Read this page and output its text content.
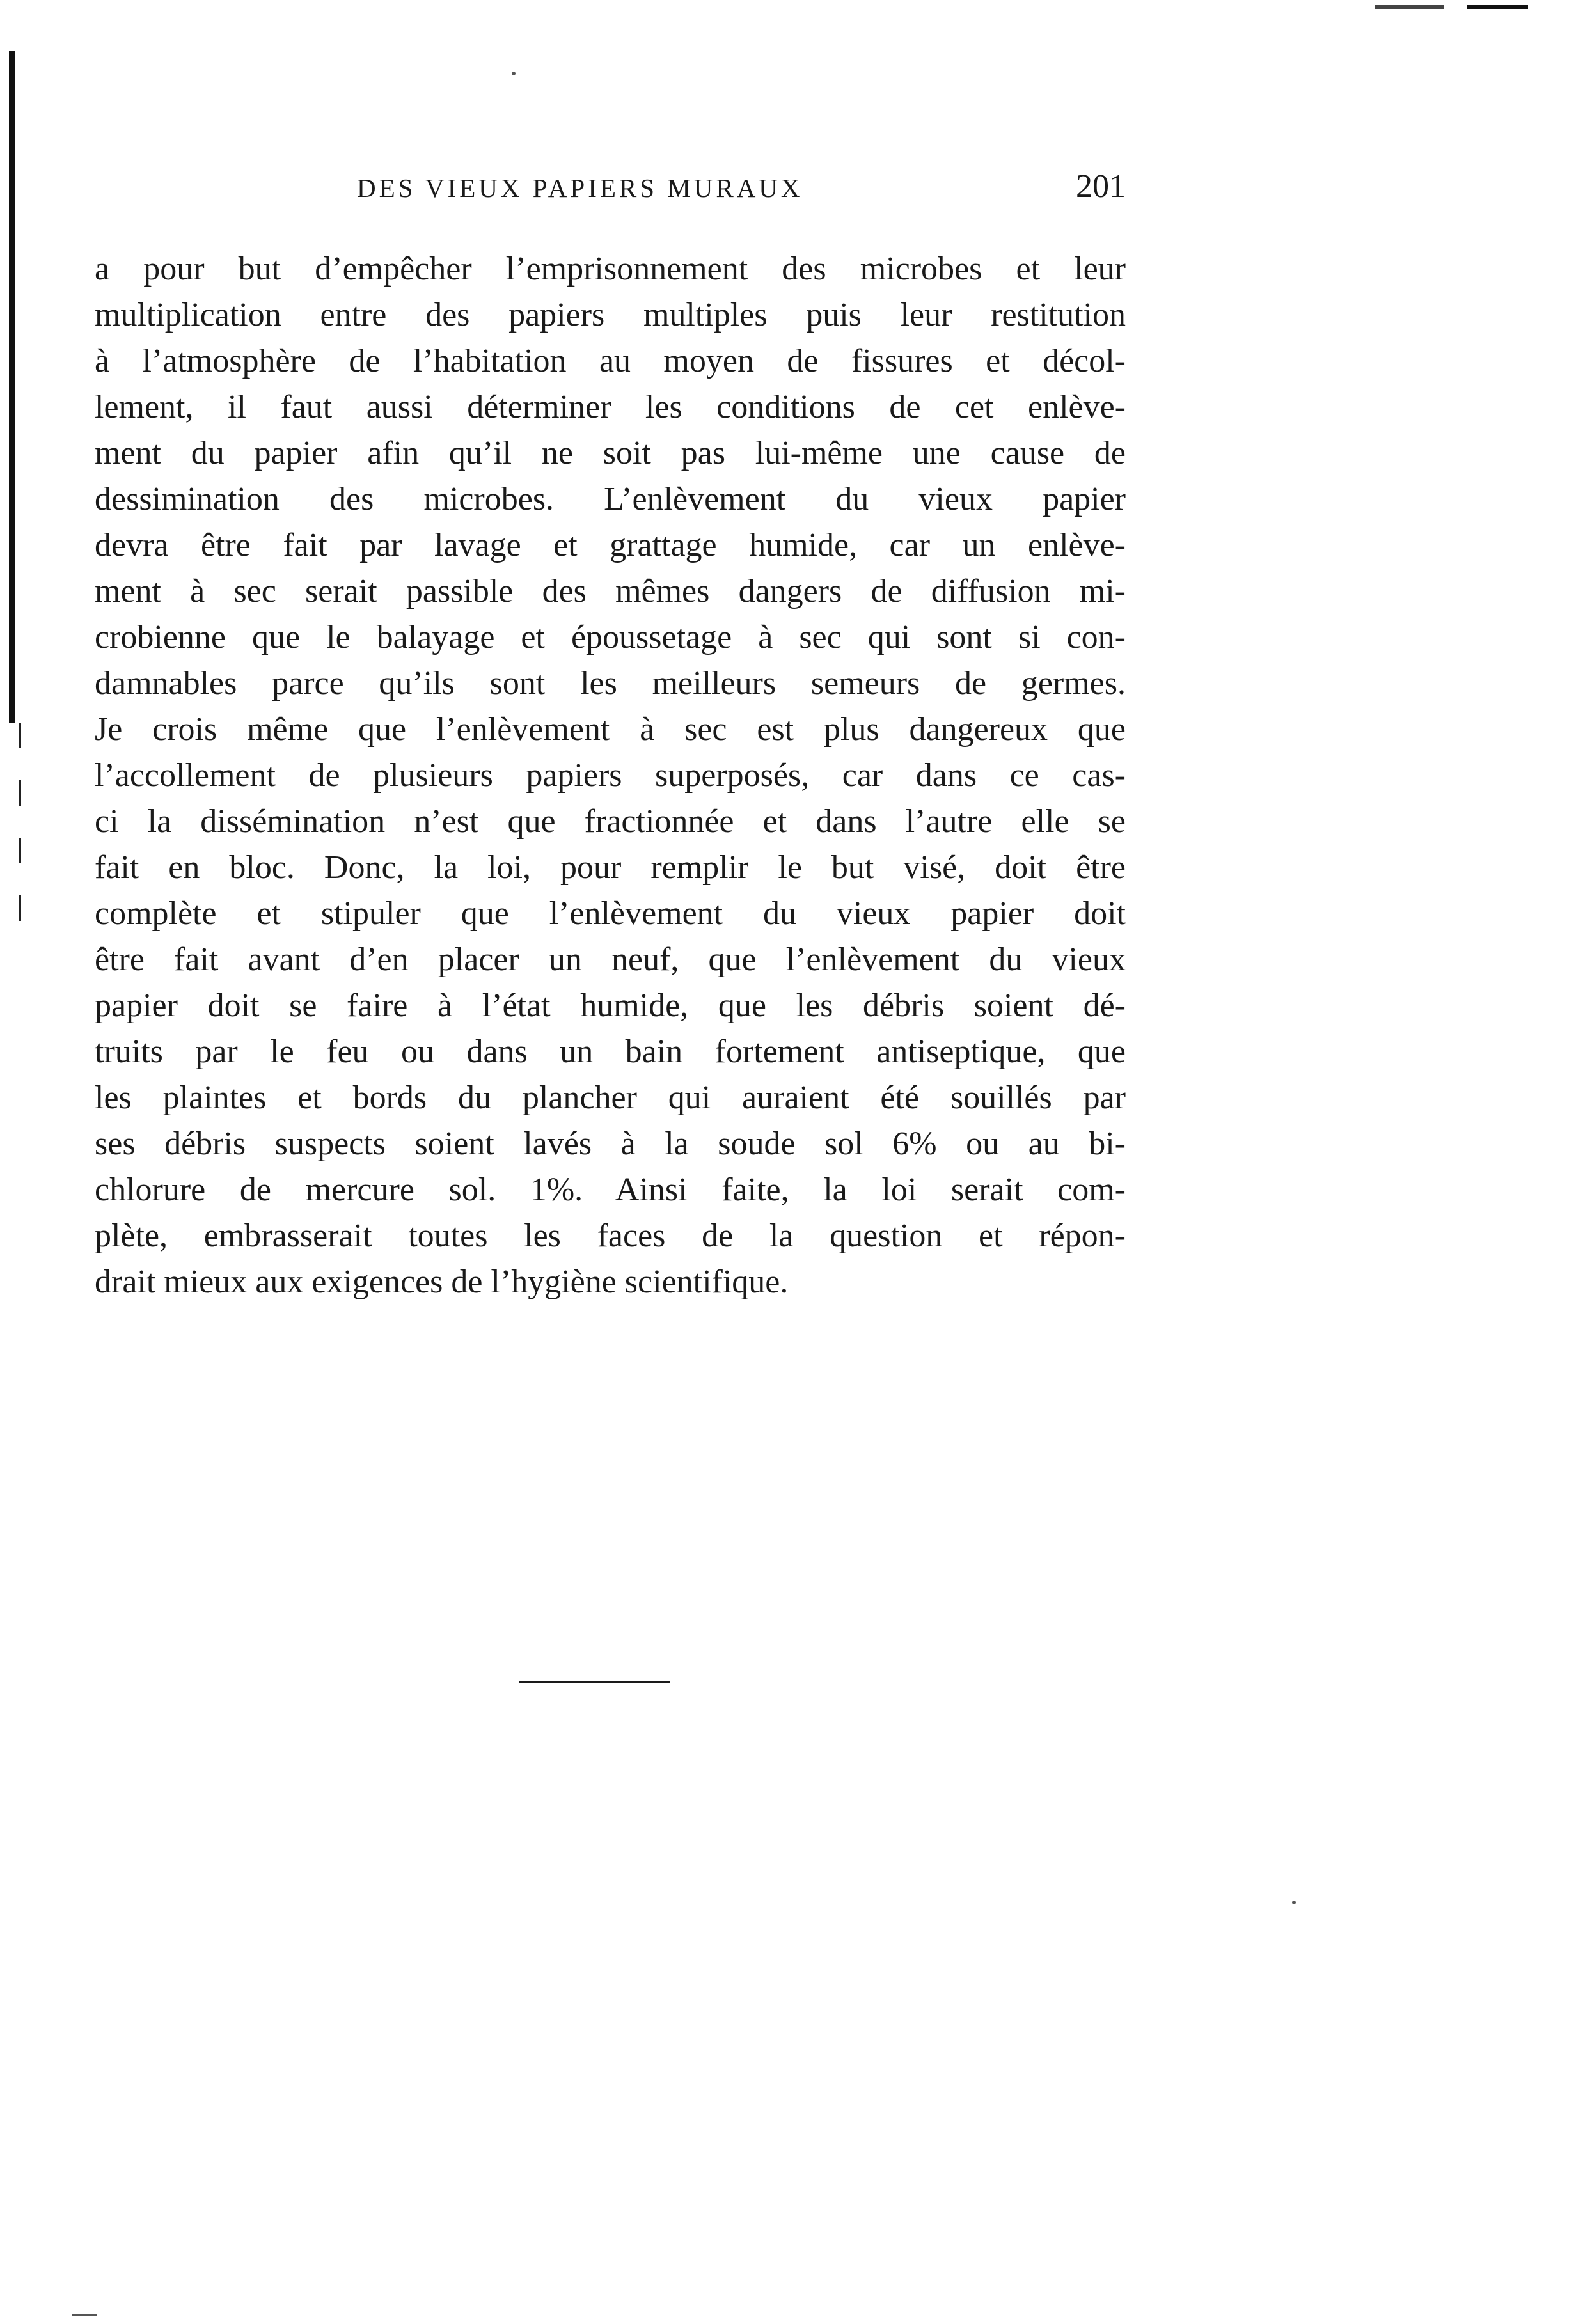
DES VIEUX PAPIERS MURAUX	201
a pour but d’empêcher l’emprisonnement des microbes et leur
multiplication entre des papiers multiples puis leur restitution
à l’atmosphère de l’habitation au moyen de fissures et décol-
lement, il faut aussi déterminer les conditions de cet enlève-
ment du papier afin qu’il ne soit pas lui-même une cause de
dessimination des microbes. L’enlèvement du vieux papier
devra être fait par lavage et grattage humide, car un enlève-
ment à sec serait passible des mêmes dangers de diffusion mi-
crobienne que le balayage et époussetage à sec qui sont si con-
damnables parce qu’ils sont les meilleurs semeurs de germes.
Je crois même que l’enlèvement à sec est plus dangereux que
l’accollement de plusieurs papiers superposés, car dans ce cas-
ci la dissémination n’est que fractionnée et dans l’autre elle se
fait en bloc. Donc, la loi, pour remplir le but visé, doit être
complète et stipuler que l’enlèvement du vieux papier doit
être fait avant d’en placer un neuf, que l’enlèvement du vieux
papier doit se faire à l’état humide, que les débris soient dé-
truits par le feu ou dans un bain fortement antiseptique, que
les plaintes et bords du plancher qui auraient été souillés par
ses débris suspects soient lavés à la soude sol 6% ou au bi-
chlorure de mercure sol. 1%. Ainsi faite, la loi serait com-
plète, embrasserait toutes les faces de la question et répon-
drait mieux aux exigences de l’hygiène scientifique.
